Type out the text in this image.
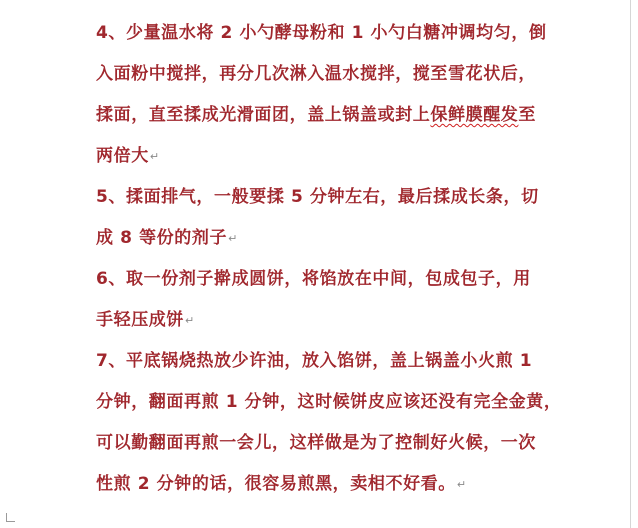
4、少量温水将 2 小勺酵母粉和 1 小勺白糖冲调均匀，倒
入面粉中搅拌，再分几次淋入温水搅拌，搅至雪花状后，
揉面，直至揉成光滑面团，盖上锅盖或封上保鲜膜醒发至
两倍大↵
5、揉面排气，一般要揉 5 分钟左右，最后揉成长条，切
成 8 等份的剂子↵
6、取一份剂子擀成圆饼，将馅放在中间，包成包子，用
手轻压成饼↵
7、平底锅烧热放少许油，放入馅饼，盖上锅盖小火煎 1
分钟，翻面再煎 1 分钟，这时候饼皮应该还没有完全金黄，
可以勤翻面再煎一会儿，这样做是为了控制好火候，一次
性煎 2 分钟的话，很容易煎黑，卖相不好看。↵
